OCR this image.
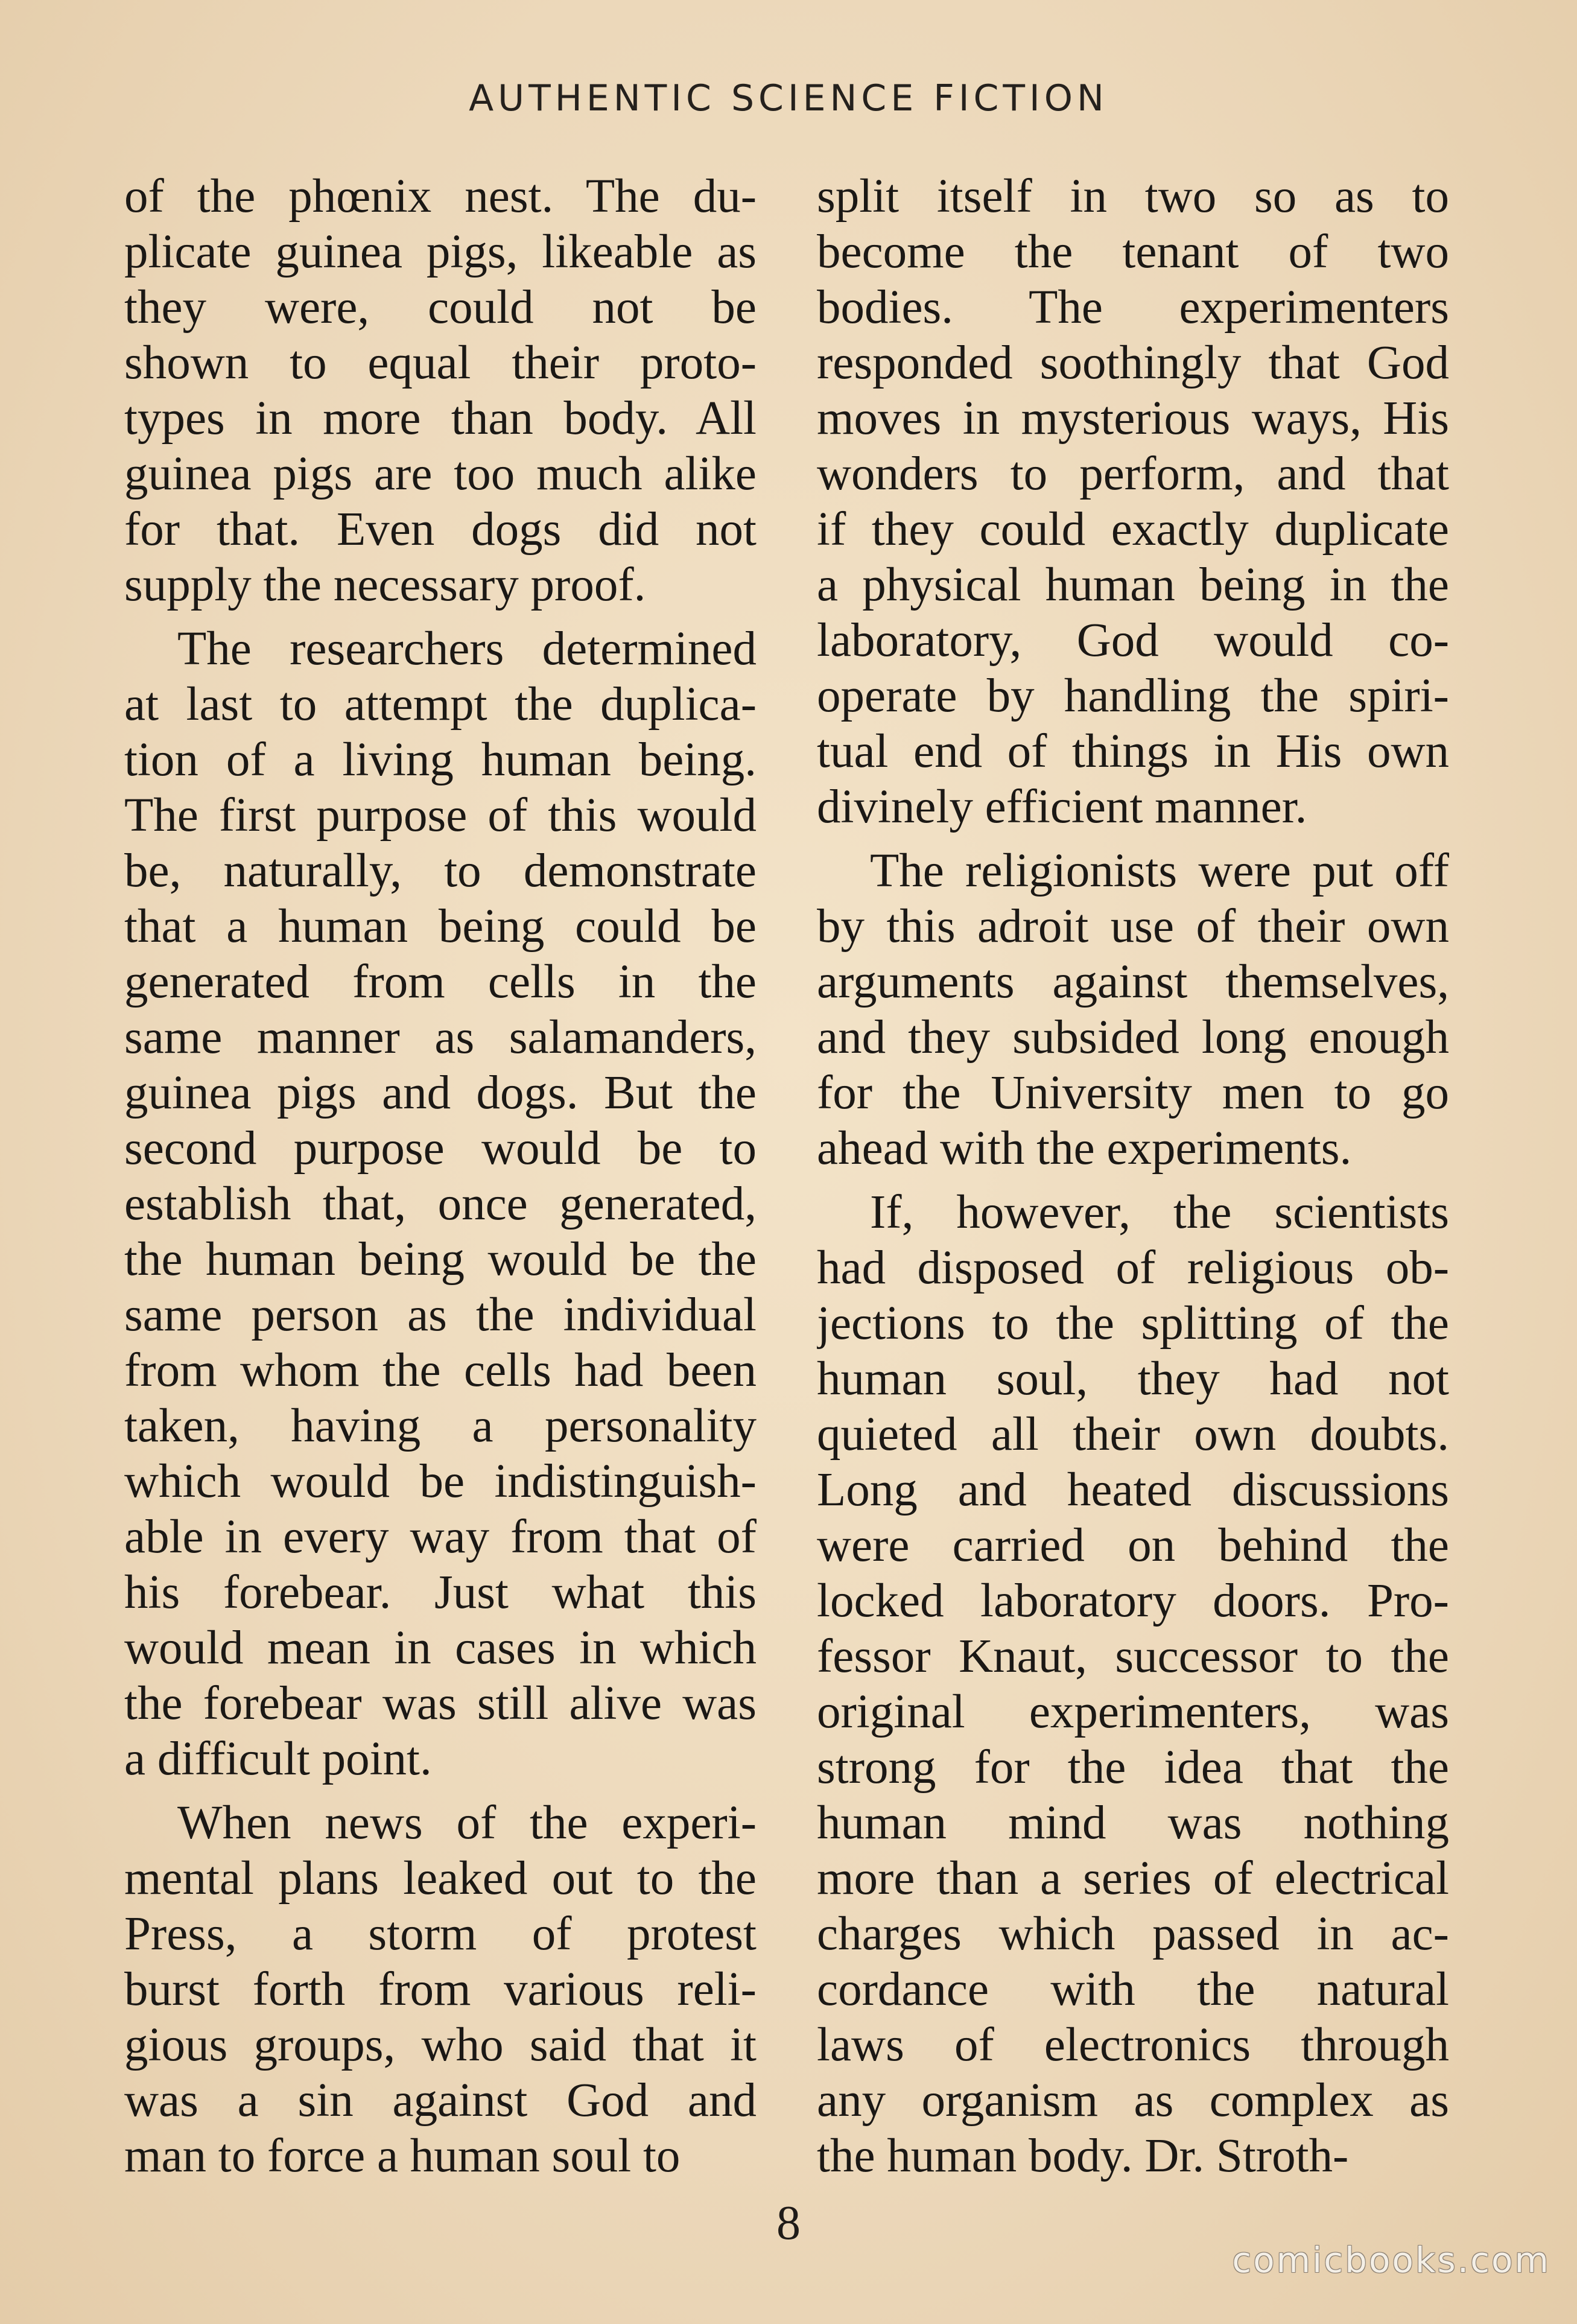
AUTHENTIC SCIENCE FICTION
of the phœnix nest. The du-
plicate guinea pigs, likeable as
they were, could not be
shown to equal their proto-
types in more than body. All
guinea pigs are too much alike
for that. Even dogs did not
supply the necessary proof.
The researchers determined
at last to attempt the duplica-
tion of a living human being.
The first purpose of this would
be, naturally, to demonstrate
that a human being could be
generated from cells in the
same manner as salamanders,
guinea pigs and dogs. But the
second purpose would be to
establish that, once generated,
the human being would be the
same person as the individual
from whom the cells had been
taken, having a personality
which would be indistinguish-
able in every way from that of
his forebear. Just what this
would mean in cases in which
the forebear was still alive was
a difficult point.
When news of the experi-
mental plans leaked out to the
Press, a storm of protest
burst forth from various reli-
gious groups, who said that it
was a sin against God and
man to force a human soul to
split itself in two so as to
become the tenant of two
bodies. The experimenters
responded soothingly that God
moves in mysterious ways, His
wonders to perform, and that
if they could exactly duplicate
a physical human being in the
laboratory, God would co-
operate by handling the spiri-
tual end of things in His own
divinely efficient manner.
The religionists were put off
by this adroit use of their own
arguments against themselves,
and they subsided long enough
for the University men to go
ahead with the experiments.
If, however, the scientists
had disposed of religious ob-
jections to the splitting of the
human soul, they had not
quieted all their own doubts.
Long and heated discussions
were carried on behind the
locked laboratory doors. Pro-
fessor Knaut, successor to the
original experimenters, was
strong for the idea that the
human mind was nothing
more than a series of electrical
charges which passed in ac-
cordance with the natural
laws of electronics through
any organism as complex as
the human body. Dr. Stroth-
8
comicbooks.com
